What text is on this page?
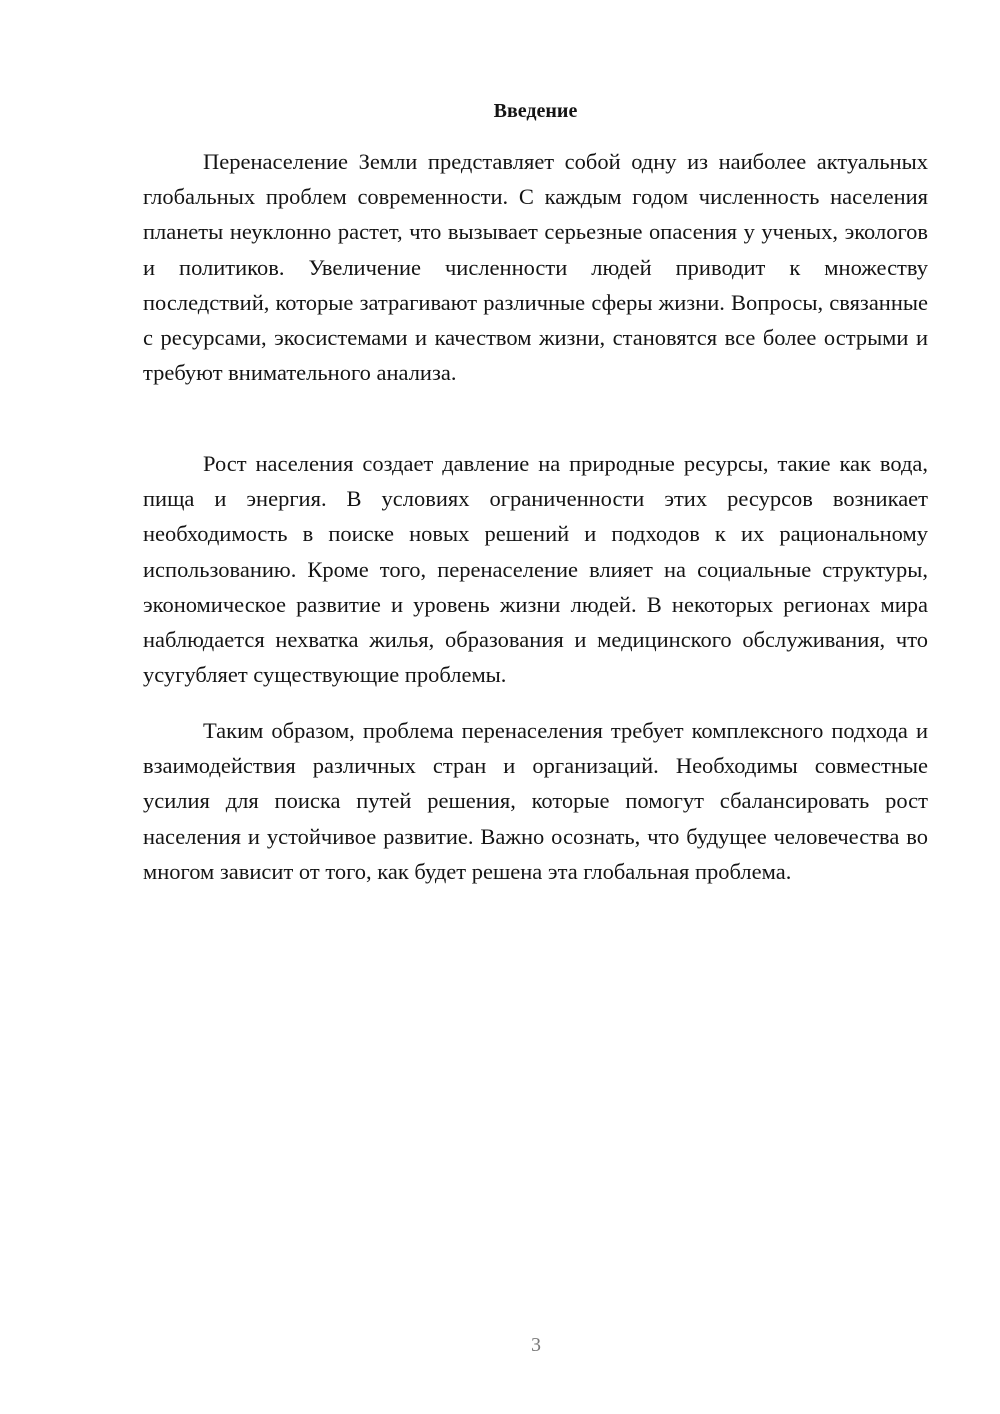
Введение

Перенаселение Земли представляет собой одну из наиболее актуальных глобальных проблем современности. С каждым годом численность населения планеты неуклонно растет, что вызывает серьезные опасения у ученых, экологов и политиков. Увеличение численности людей приводит к множеству последствий, которые затрагивают различные сферы жизни. Вопросы, связанные с ресурсами, экосистемами и качеством жизни, становятся все более острыми и требуют внимательного анализа.

Рост населения создает давление на природные ресурсы, такие как вода, пища и энергия. В условиях ограниченности этих ресурсов возникает необходимость в поиске новых решений и подходов к их рациональному использованию. Кроме того, перенаселение влияет на социальные структуры, экономическое развитие и уровень жизни людей. В некоторых регионах мира наблюдается нехватка жилья, образования и медицинского обслуживания, что усугубляет существующие проблемы.

Таким образом, проблема перенаселения требует комплексного подхода и взаимодействия различных стран и организаций. Необходимы совместные усилия для поиска путей решения, которые помогут сбалансировать рост населения и устойчивое развитие. Важно осознать, что будущее человечества во многом зависит от того, как будет решена эта глобальная проблема.

3
